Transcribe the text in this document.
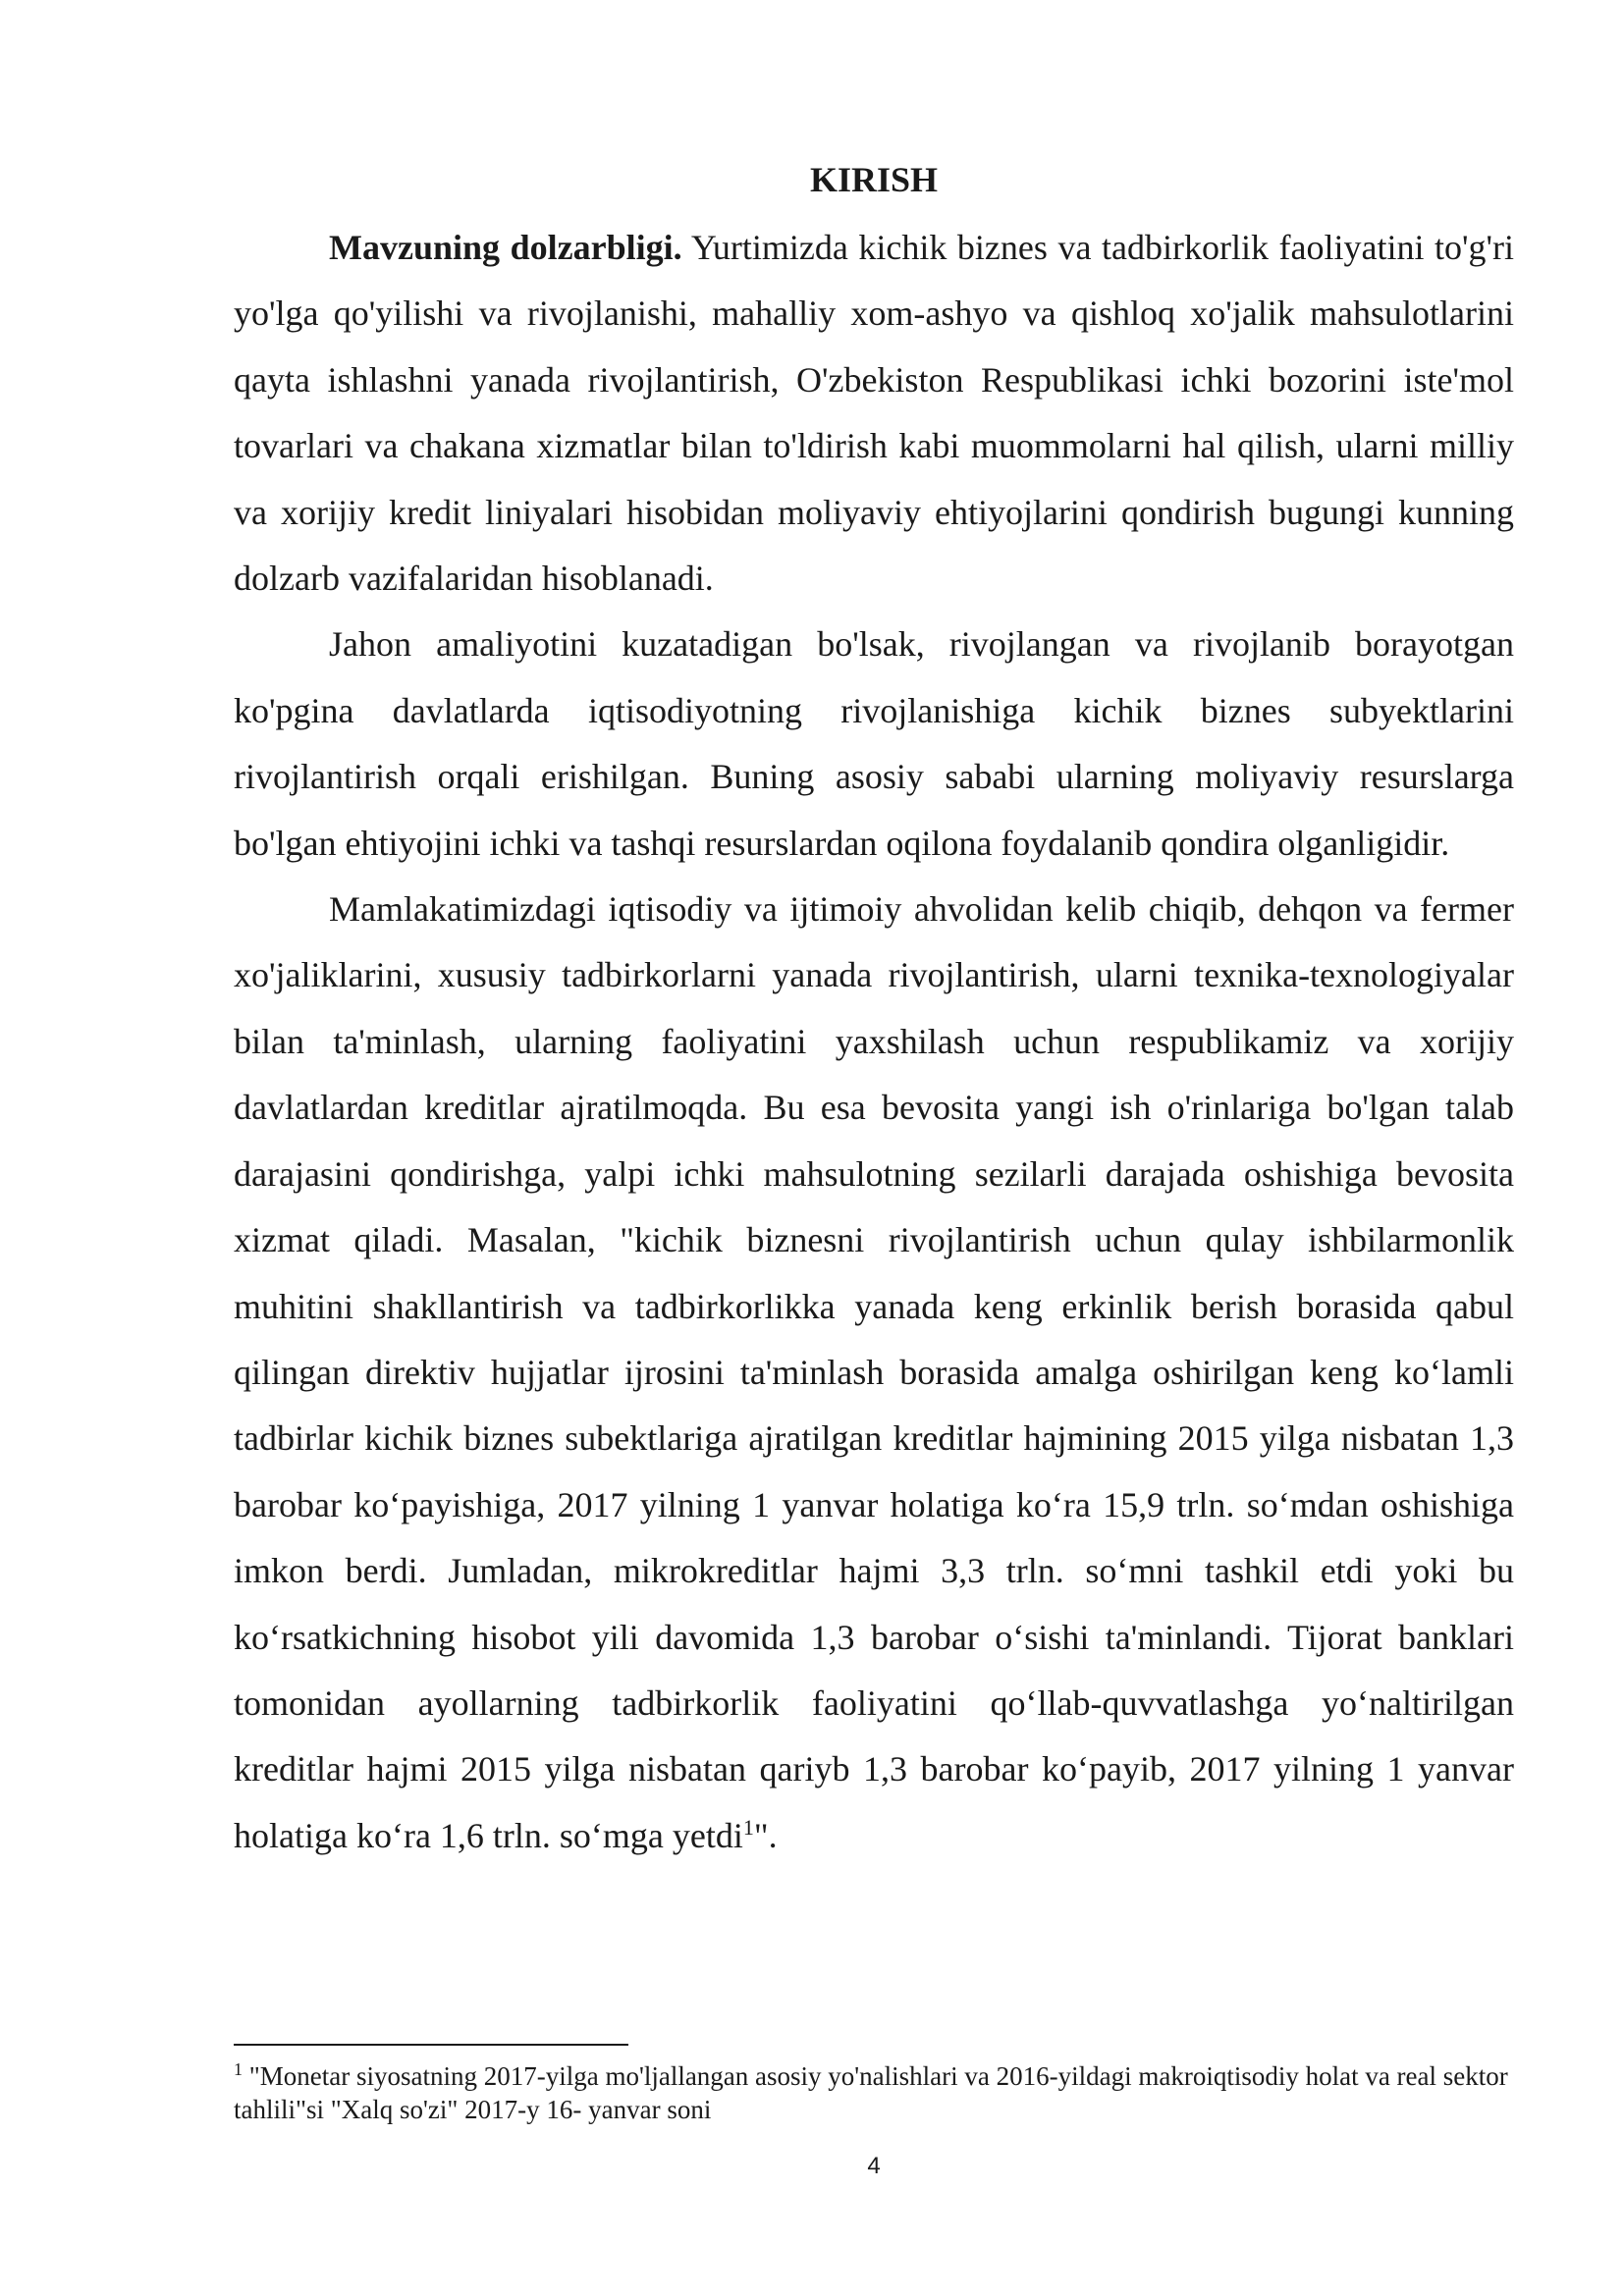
KIRISH

Mavzuning dolzarbligi. Yurtimizda kichik biznes va tadbirkorlik faoliyatini to'g'ri yo'lga qo'yilishi va rivojlanishi, mahalliy xom-ashyo va qishloq xo'jalik mahsulotlarini qayta ishlashni yanada rivojlantirish, O'zbekiston Respublikasi ichki bozorini iste'mol tovarlari va chakana xizmatlar bilan to'ldirish kabi muommolarni hal qilish, ularni milliy va xorijiy kredit liniyalari hisobidan moliyaviy ehtiyojlarini qondirish bugungi kunning dolzarb vazifalaridan hisoblanadi.

Jahon amaliyotini kuzatadigan bo'lsak, rivojlangan va rivojlanib borayotgan ko'pgina davlatlarda iqtisodiyotning rivojlanishiga kichik biznes subyektlarini rivojlantirish orqali erishilgan. Buning asosiy sababi ularning moliyaviy resurslarga bo'lgan ehtiyojini ichki va tashqi resurslardan oqilona foydalanib qondira olganligidir.

Mamlakatimizdagi iqtisodiy va ijtimoiy ahvolidan kelib chiqib, dehqon va fermer xo'jaliklarini, xususiy tadbirkorlarni yanada rivojlantirish, ularni texnika-texnologiyalar bilan ta'minlash, ularning faoliyatini yaxshilash uchun respublikamiz va xorijiy davlatlardan kreditlar ajratilmoqda. Bu esa bevosita yangi ish o'rinlariga bo'lgan talab darajasini qondirishga, yalpi ichki mahsulotning sezilarli darajada oshishiga bevosita xizmat qiladi. Masalan, "kichik biznesni rivojlantirish uchun qulay ishbilarmonlik muhitini shakllantirish va tadbirkorlikka yanada keng erkinlik berish borasida qabul qilingan direktiv hujjatlar ijrosini ta'minlash borasida amalga oshirilgan keng ko‘lamli tadbirlar kichik biznes subektlariga ajratilgan kreditlar hajmining 2015 yilga nisbatan 1,3 barobar ko‘payishiga, 2017 yilning 1 yanvar holatiga ko‘ra 15,9 trln. so‘mdan oshishiga imkon berdi. Jumladan, mikrokreditlar hajmi 3,3 trln. so‘mni tashkil etdi yoki bu ko‘rsatkichning hisobot yili davomida 1,3 barobar o‘sishi ta'minlandi. Tijorat banklari tomonidan ayollarning tadbirkorlik faoliyatini qo‘llab-quvvatlashga yo‘naltirilgan kreditlar hajmi 2015 yilga nisbatan qariyb 1,3 barobar ko‘payib, 2017 yilning 1 yanvar holatiga ko‘ra 1,6 trln. so‘mga yetdi$^1$".

$^1$ "Monetar siyosatning 2017-yilga mo'ljallangan asosiy yo'nalishlari va 2016-yildagi makroiqtisodiy holat va real sektor tahlili"si "Xalq so'zi" 2017-y 16- yanvar soni

4
